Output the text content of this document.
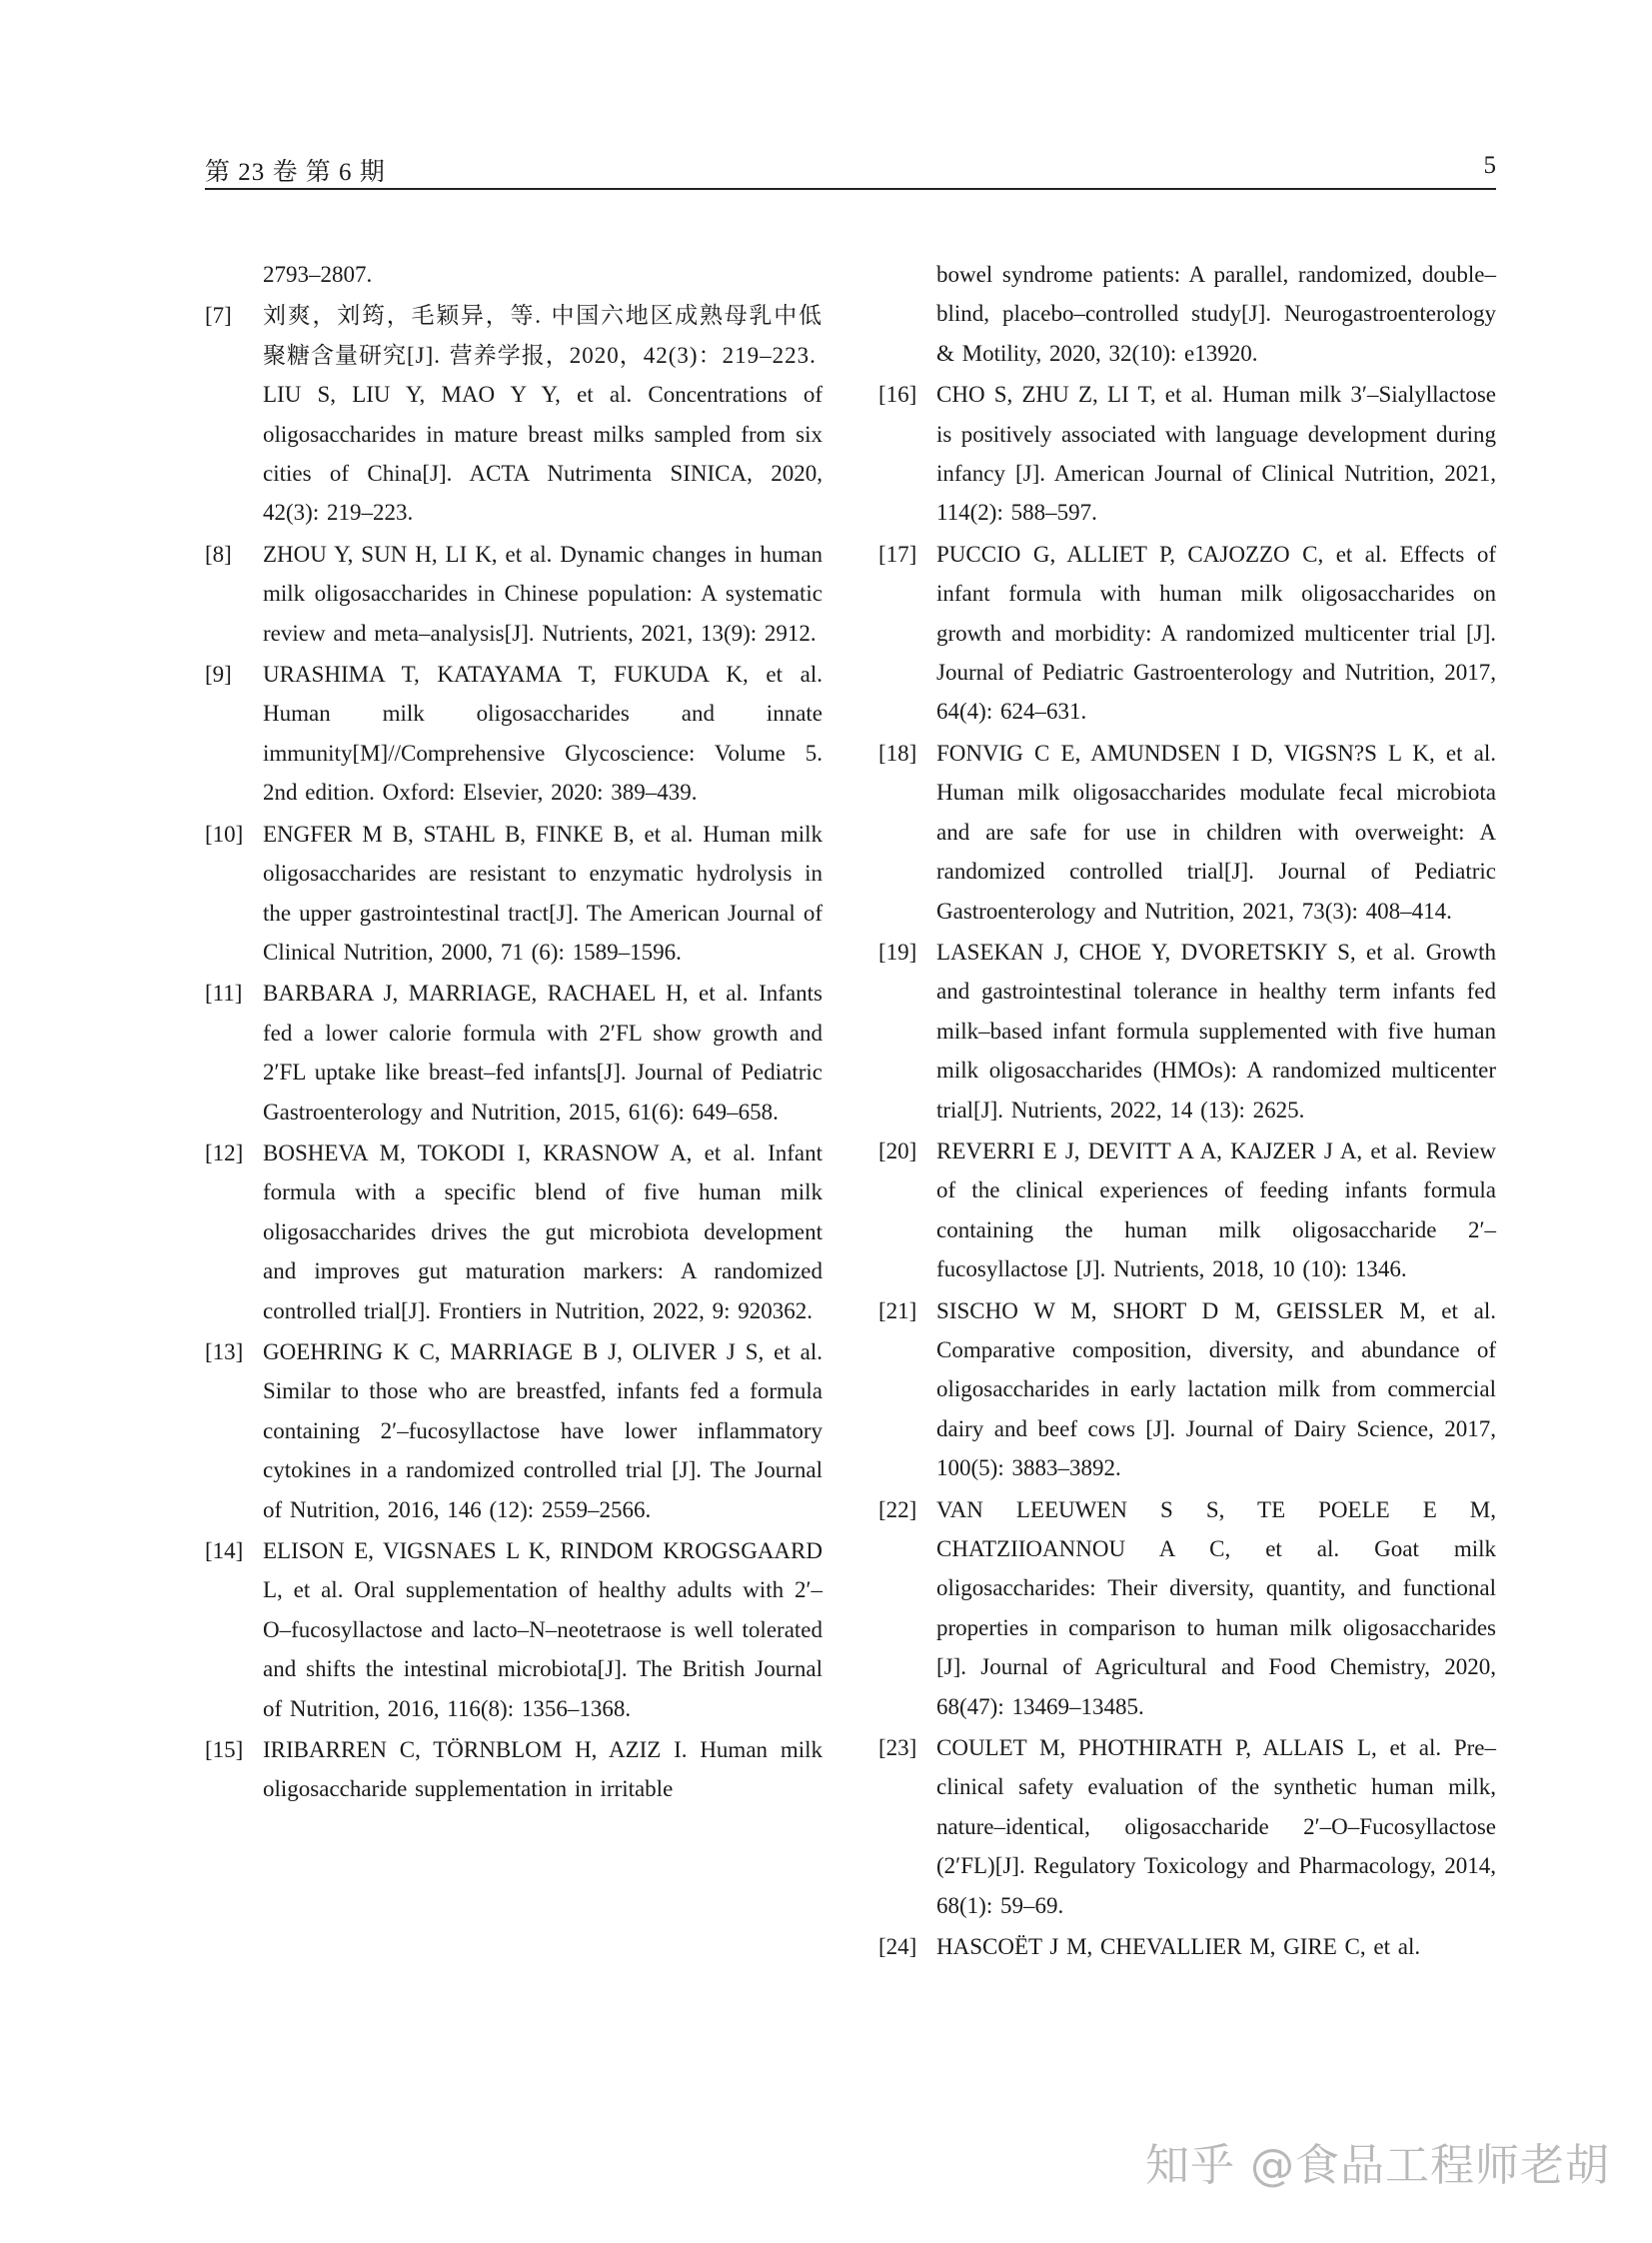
第 23 卷 第 6 期	5
2793–2807.
[7] 刘爽，刘筠，毛颖异，等. 中国六地区成熟母乳中低聚糖含量研究[J]. 营养学报，2020，42(3)：219–223.
LIU S, LIU Y, MAO Y Y, et al. Concentrations of oligosaccharides in mature breast milks sampled from six cities of China[J]. ACTA Nutrimenta SINICA, 2020, 42(3): 219–223.
[8] ZHOU Y, SUN H, LI K, et al. Dynamic changes in human milk oligosaccharides in Chinese population: A systematic review and meta–analysis[J]. Nutrients, 2021, 13(9): 2912.
[9] URASHIMA T, KATAYAMA T, FUKUDA K, et al. Human milk oligosaccharides and innate immunity[M]//Comprehensive Glycoscience: Volume 5. 2nd edition. Oxford: Elsevier, 2020: 389–439.
[10] ENGFER M B, STAHL B, FINKE B, et al. Human milk oligosaccharides are resistant to enzymatic hydrolysis in the upper gastrointestinal tract[J]. The American Journal of Clinical Nutrition, 2000, 71 (6): 1589–1596.
[11] BARBARA J, MARRIAGE, RACHAEL H, et al. Infants fed a lower calorie formula with 2′FL show growth and 2′FL uptake like breast–fed infants[J]. Journal of Pediatric Gastroenterology and Nutrition, 2015, 61(6): 649–658.
[12] BOSHEVA M, TOKODI I, KRASNOW A, et al. Infant formula with a specific blend of five human milk oligosaccharides drives the gut microbiota development and improves gut maturation markers: A randomized controlled trial[J]. Frontiers in Nutrition, 2022, 9: 920362.
[13] GOEHRING K C, MARRIAGE B J, OLIVER J S, et al. Similar to those who are breastfed, infants fed a formula containing 2′–fucosyllactose have lower inflammatory cytokines in a randomized controlled trial [J]. The Journal of Nutrition, 2016, 146 (12): 2559–2566.
[14] ELISON E, VIGSNAES L K, RINDOM KROGSGAARD L, et al. Oral supplementation of healthy adults with 2′–O–fucosyllactose and lacto–N–neotetraose is well tolerated and shifts the intestinal microbiota[J]. The British Journal of Nutrition, 2016, 116(8): 1356–1368.
[15] IRIBARREN C, TÖRNBLOM H, AZIZ I. Human milk oligosaccharide supplementation in irritable
bowel syndrome patients: A parallel, randomized, double–blind, placebo–controlled study[J]. Neurogastroenterology & Motility, 2020, 32(10): e13920.
[16] CHO S, ZHU Z, LI T, et al. Human milk 3′–Sialyllactose is positively associated with language development during infancy [J]. American Journal of Clinical Nutrition, 2021, 114(2): 588–597.
[17] PUCCIO G, ALLIET P, CAJOZZO C, et al. Effects of infant formula with human milk oligosaccharides on growth and morbidity: A randomized multicenter trial [J]. Journal of Pediatric Gastroenterology and Nutrition, 2017, 64(4): 624–631.
[18] FONVIG C E, AMUNDSEN I D, VIGSN?S L K, et al. Human milk oligosaccharides modulate fecal microbiota and are safe for use in children with overweight: A randomized controlled trial[J]. Journal of Pediatric Gastroenterology and Nutrition, 2021, 73(3): 408–414.
[19] LASEKAN J, CHOE Y, DVORETSKIY S, et al. Growth and gastrointestinal tolerance in healthy term infants fed milk–based infant formula supplemented with five human milk oligosaccharides (HMOs): A randomized multicenter trial[J]. Nutrients, 2022, 14 (13): 2625.
[20] REVERRI E J, DEVITT A A, KAJZER J A, et al. Review of the clinical experiences of feeding infants formula containing the human milk oligosaccharide 2′–fucosyllactose [J]. Nutrients, 2018, 10 (10): 1346.
[21] SISCHO W M, SHORT D M, GEISSLER M, et al. Comparative composition, diversity, and abundance of oligosaccharides in early lactation milk from commercial dairy and beef cows [J]. Journal of Dairy Science, 2017, 100(5): 3883–3892.
[22] VAN LEEUWEN S S, TE POELE E M, CHATZIIOANNOU A C, et al. Goat milk oligosaccharides: Their diversity, quantity, and functional properties in comparison to human milk oligosaccharides [J]. Journal of Agricultural and Food Chemistry, 2020, 68(47): 13469–13485.
[23] COULET M, PHOTHIRATH P, ALLAIS L, et al. Pre–clinical safety evaluation of the synthetic human milk, nature–identical, oligosaccharide 2′–O–Fucosyllactose (2′FL)[J]. Regulatory Toxicology and Pharmacology, 2014, 68(1): 59–69.
[24] HASCOËT J M, CHEVALLIER M, GIRE C, et al.
知乎 @食品工程师老胡
